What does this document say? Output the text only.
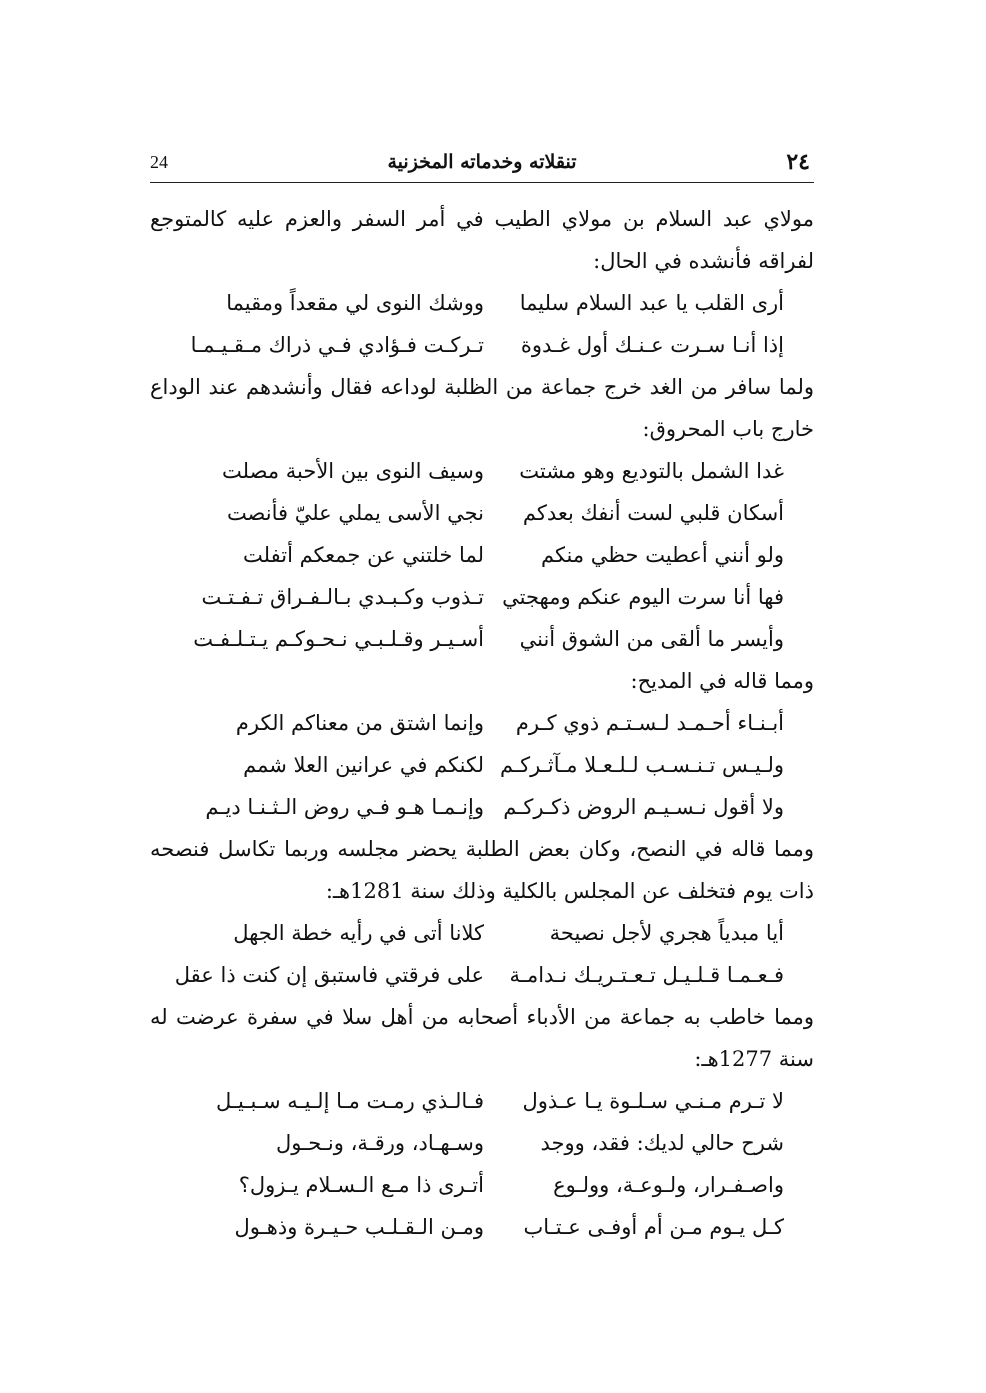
24	تنقلاته وخدماته المخزنية	٢٤

مولاي عبد السلام بن مولاي الطيب في أمر السفر والعزم عليه كالمتوجع لفراقه فأنشده في الحال:

أرى القلب يا عبد السلام سليما
ووشك النوى لي مقعداً ومقيما
إذا أنـا سـرت عـنـك أول غـدوة
تـركـت فـؤادي فـي ذراك مـقـيـمـا

ولما سافر من الغد خرج جماعة من الظلبة لوداعه فقال وأنشدهم عند الوداع خارج باب المحروق:

غدا الشمل بالتوديع وهو مشتت
وسيف النوى بين الأحبة مصلت
أسكان قلبي لست أنفك بعدكم
نجي الأسى يملي عليّ فأنصت
ولو أنني أعطيت حظي منكم
لما خلتني عن جمعكم أتفلت
فها أنا سرت اليوم عنكم ومهجتي
تـذوب وكـبـدي بـالـفـراق تـفـتـت
وأيسر ما ألقى من الشوق أنني
أسـيـر وقـلـبـي نـحـوكـم يـتـلـفـت

ومما قاله في المديح:

أبـنـاء أحـمـد لـسـتـم ذوي كـرم
وإنما اشتق من معناكم الكرم
ولـيـس تـنـسـب لـلـعـلا مـآثـركـم
لكنكم في عرانين العلا شمم
ولا أقول نـسـيـم الروض ذكـركـم
وإنـمـا هـو فـي روض الـثـنـا ديـم

ومما قاله في النصح، وكان بعض الطلبة يحضر مجلسه وربما تكاسل فنصحه ذات يوم فتخلف عن المجلس بالكلية وذلك سنة 1281هـ:

أيا مبدياً هجري لأجل نصيحة
كلانا أتى في رأيه خطة الجهل
فـعـمـا قـلـيـل تـعـتـريـك نـدامـة
على فرقتي فاستبق إن كنت ذا عقل

ومما خاطب به جماعة من الأدباء أصحابه من أهل سلا في سفرة عرضت له سنة 1277هـ:

لا تـرم مـنـي سـلـوة يـا عـذول
فـالـذي رمـت مـا إلـيـه سـبـيـل
شرح حالي لديك: فقد، ووجد
وسـهـاد، ورقـة، ونـحـول
واصـفـرار، ولـوعـة، وولـوع
أتـرى ذا مـع الـسـلام يـزول؟
كـل يـوم مـن أم أوفـى عـتـاب
ومـن الـقـلـب حـيـرة وذهـول
